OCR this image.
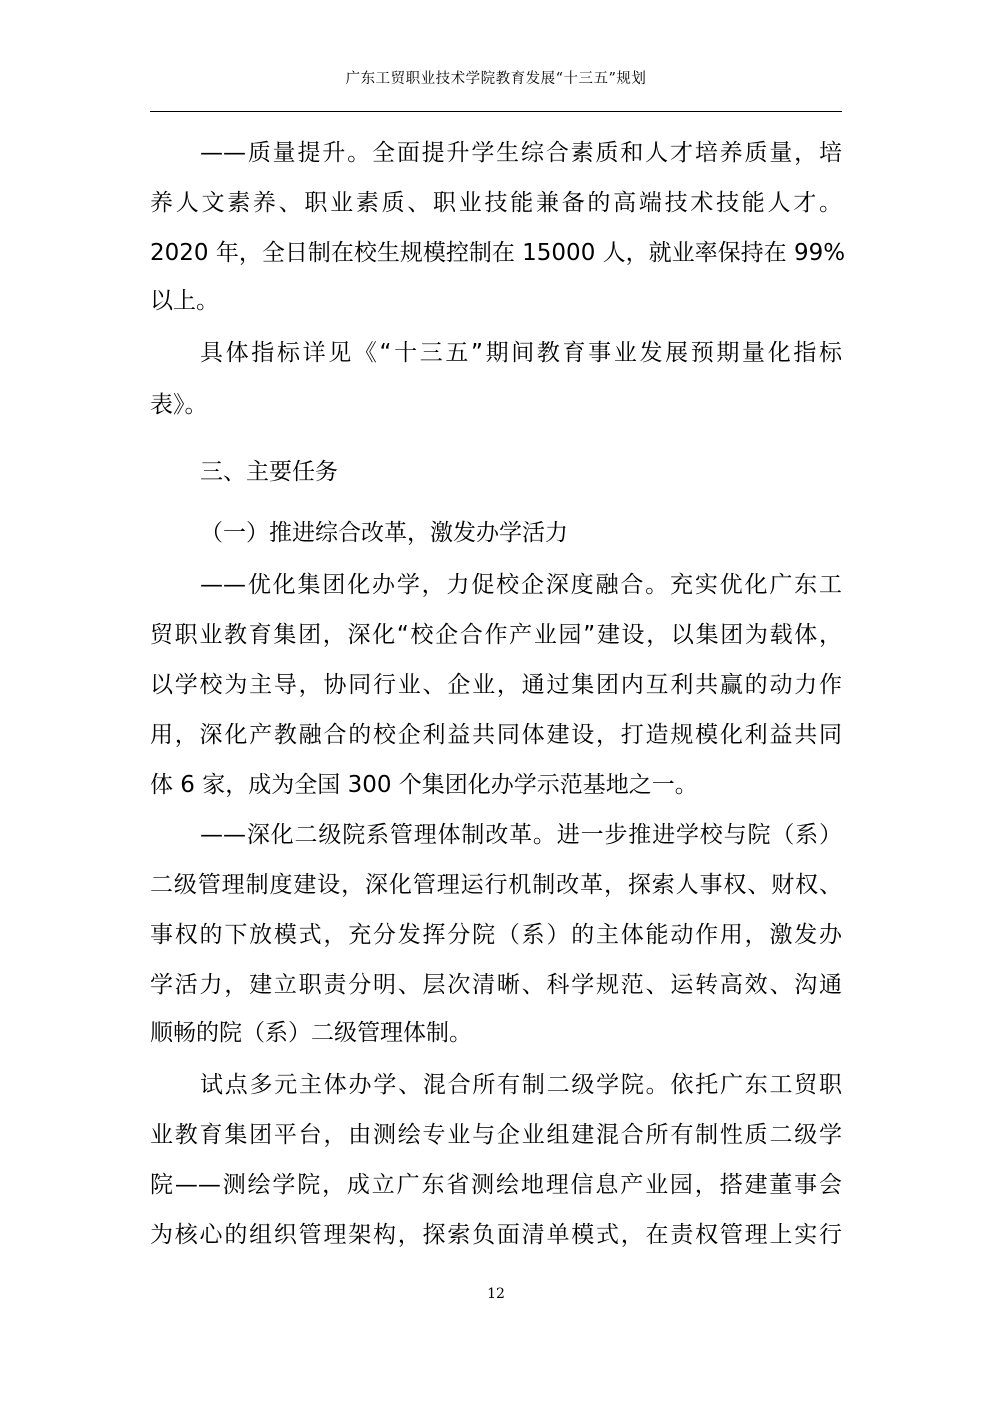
广东工贸职业技术学院教育发展“十三五”规划
——质量提升。全面提升学生综合素质和人才培养质量，培
养人文素养、职业素质、职业技能兼备的高端技术技能人才。
2020 年，全日制在校生规模控制在 15000 人，就业率保持在 99%
以上。
具体指标详见《“十三五”期间教育事业发展预期量化指标
表》。
三、主要任务
（一）推进综合改革，激发办学活力
——优化集团化办学，力促校企深度融合。充实优化广东工
贸职业教育集团，深化“校企合作产业园”建设，以集团为载体，
以学校为主导，协同行业、企业，通过集团内互利共赢的动力作
用，深化产教融合的校企利益共同体建设，打造规模化利益共同
体 6 家，成为全国 300 个集团化办学示范基地之一。
——深化二级院系管理体制改革。进一步推进学校与院（系）
二级管理制度建设，深化管理运行机制改革，探索人事权、财权、
事权的下放模式，充分发挥分院（系）的主体能动作用，激发办
学活力，建立职责分明、层次清晰、科学规范、运转高效、沟通
顺畅的院（系）二级管理体制。
试点多元主体办学、混合所有制二级学院。依托广东工贸职
业教育集团平台，由测绘专业与企业组建混合所有制性质二级学
院——测绘学院，成立广东省测绘地理信息产业园，搭建董事会
为核心的组织管理架构，探索负面清单模式，在责权管理上实行
12
